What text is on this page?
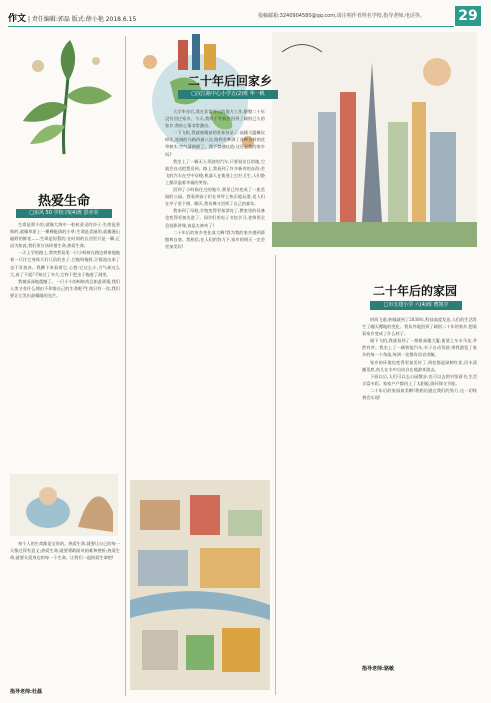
作文 | 责任编辑:郭磊 版式:薛小艳 2018.6.15	投稿邮箱:3240904580@qq.com,请注明作者姓名学校,指导老师,电话等。 29
热爱生命
□东风 50 学校 四(4)班 彭亦菲

生命是那小的,就像大海中一粒粒金灵的沙子;生命是坚韧的,就像草原上一棵棵挺拔的小草;生命是美丽的,就像漫山遍野的鲜花……生命是短暂的,在时间的长河里只是一瞬,正因为如此,我们更应该珍惜生命,热爱生命。

一天上学的路上,我突然看见一只小蚂蚁在路边拼命地拖着一只比它身体大好几倍的虫子,它拖呀拖呀,汗都流出来了也不肯放弃。我蹲下来看着它,心想:它这么小,力气却这么大,真了不起!不知过了多久,它终于把虫子拖进了洞里。

我被深深地震撼了。一只小小的蚂蚁尚且如此顽强,我们人类又有什么理由不珍惜自己的生命呢?生命只有一次,我们要让它发出最耀眼的光芒。

每个人的生命都是宝贵的。热爱生命,就要让自己的每一天都过得有意义;热爱生命,就要勇敢面对困难和挫折;热爱生命,就要关爱身边的每一个生命。让我们一起热爱生命吧!

指导老师:杜磊
二十年后回家乡
□汉江路中心小学五(2)班 华一帆

大学毕业后,我在非常遥远的地方工作,整整二十年没有回过家乡。今天,我终于有机会回到了阔别已久的家乡,我的心情非常激动。

一下飞机,我就被眼前的景象惊呆了:高楼大厦鳞次栉比,宽阔的马路四通八达,路两旁种满了各种各样的花草树木,空气清新极了。我不禁感叹道:这还是我的家乡吗?

我坐上了一辆无人驾驶的汽车,只要说出目的地,它就会自动把我送到。路上,我看到了许多新奇的东西:会飞的汽车在空中穿梭,机器人在街道上打扫卫生,人们脸上都洋溢着幸福的笑容。

回到了小时候住过的地方,那里已经变成了一座美丽的公园。我看到孩子们在草坪上快乐地玩耍,老人们在亭子里下棋、聊天,我仿佛又回到了自己的童年。

我来到了母校,学校变得更加漂亮了,教室里的设备也变得更加先进了。同学们用电子书包学习,老师用全息投影讲课,真是太神奇了!

二十年后的家乡变化真大啊!我为我的家乡感到骄傲和自豪。我相信,在人们的努力下,家乡的明天一定会更加美好!

二十年后的家园
□市五建小学 六(4)班 曹凯宇

时间飞逝,转眼就到了2038年,科技高度发达,人们的生活发生了翻天覆地的变化。我从外地回到了阔别二十年的家乡,想看看家乡变成了什么样子。

刚下飞机,我就看到了一排排高楼大厦,街道上车水马龙,井然有序。我坐上了一辆智能汽车,车子自动驾驶,带我游览了家乡的每一个角落,每到一处都有语音讲解。

家乡的环境也变得更加美好了,到处都是绿树红花,河水清澈见底,鱼儿在水中自由自在地游来游去。

下班以后,人们可以去公园散步,也可以去图书馆看书,生活丰富多彩。家家户户都用上了太阳能,既环保又节能。

二十年后的家园真美啊!我相信通过我们的努力,这一切终将会实现!

指导老师:骆敏
